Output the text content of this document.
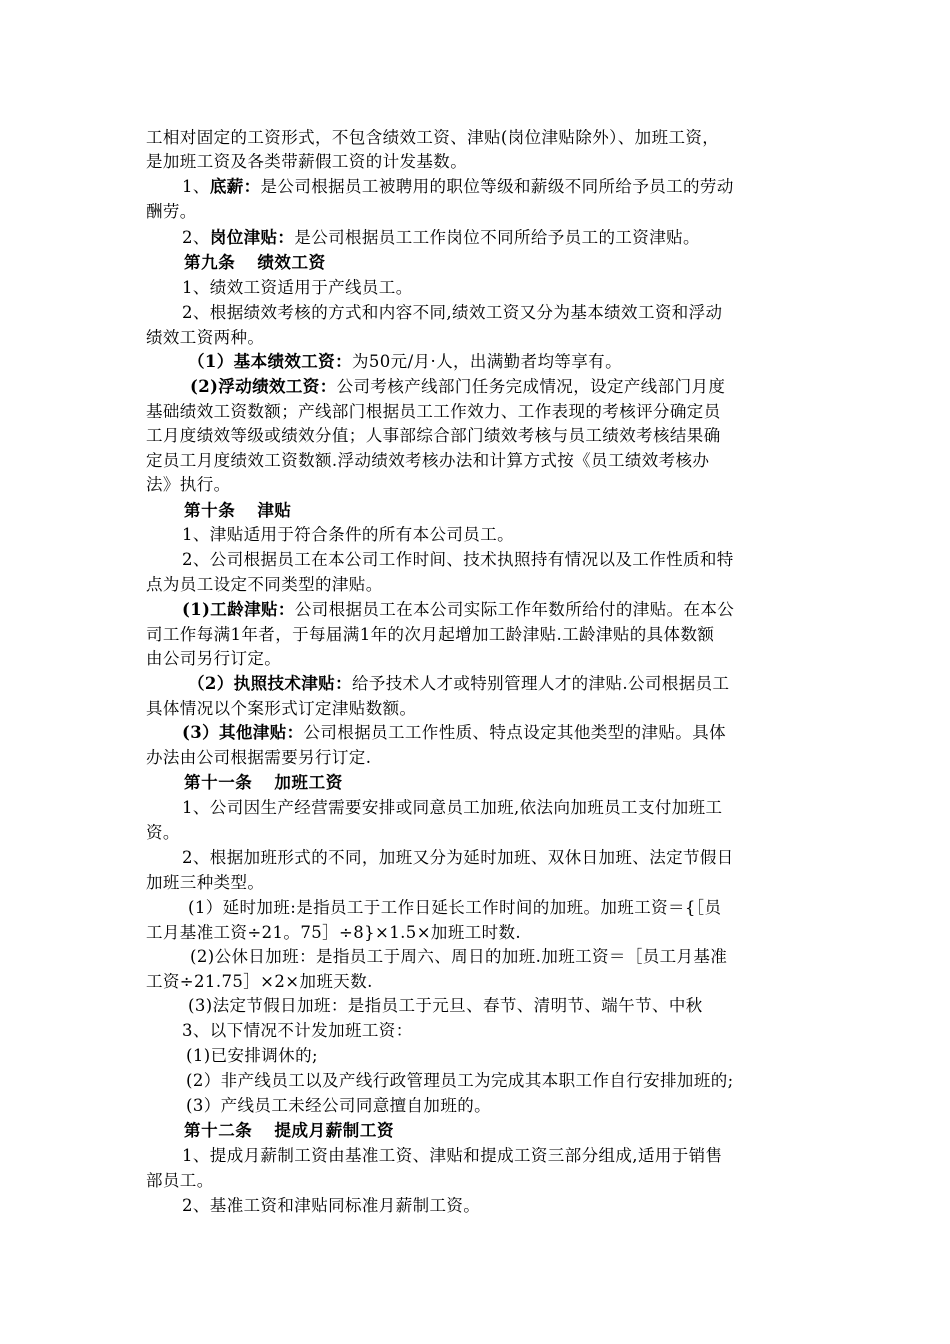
工相对固定的工资形式，不包含绩效工资、津贴(岗位津贴除外）、加班工资，
是加班工资及各类带薪假工资的计发基数。
1、底薪：是公司根据员工被聘用的职位等级和薪级不同所给予员工的劳动
酬劳。
2、岗位津贴：是公司根据员工工作岗位不同所给予员工的工资津贴。
第九条 绩效工资
1、绩效工资适用于产线员工。
2、根据绩效考核的方式和内容不同,绩效工资又分为基本绩效工资和浮动
绩效工资两种。
（1）基本绩效工资：为50元/月·人，出满勤者均等享有。
(2)浮动绩效工资：公司考核产线部门任务完成情况，设定产线部门月度
基础绩效工资数额；产线部门根据员工工作效力、工作表现的考核评分确定员
工月度绩效等级或绩效分值；人事部综合部门绩效考核与员工绩效考核结果确
定员工月度绩效工资数额.浮动绩效考核办法和计算方式按《员工绩效考核办
法》执行。
第十条 津贴
1、津贴适用于符合条件的所有本公司员工。
2、公司根据员工在本公司工作时间、技术执照持有情况以及工作性质和特
点为员工设定不同类型的津贴。
(1)工龄津贴：公司根据员工在本公司实际工作年数所给付的津贴。在本公
司工作每满1年者，于每届满1年的次月起增加工龄津贴.工龄津贴的具体数额
由公司另行订定。
（2）执照技术津贴：给予技术人才或特别管理人才的津贴.公司根据员工
具体情况以个案形式订定津贴数额。
(3）其他津贴：公司根据员工工作性质、特点设定其他类型的津贴。具体
办法由公司根据需要另行订定.
第十一条 加班工资
1、公司因生产经营需要安排或同意员工加班,依法向加班员工支付加班工
资。
2、根据加班形式的不同，加班又分为延时加班、双休日加班、法定节假日
加班三种类型。
(1）延时加班:是指员工于工作日延长工作时间的加班。加班工资＝{［员
工月基准工资÷21。75］÷8}×1.5×加班工时数.
(2)公休日加班：是指员工于周六、周日的加班.加班工资＝［员工月基准
工资÷21.75］×2×加班天数.
(3)法定节假日加班：是指员工于元旦、春节、清明节、端午节、中秋
3、以下情况不计发加班工资：
(1)已安排调休的;
(2）非产线员工以及产线行政管理员工为完成其本职工作自行安排加班的;
(3）产线员工未经公司同意擅自加班的。
第十二条 提成月薪制工资
1、提成月薪制工资由基准工资、津贴和提成工资三部分组成,适用于销售
部员工。
2、基准工资和津贴同标准月薪制工资。
